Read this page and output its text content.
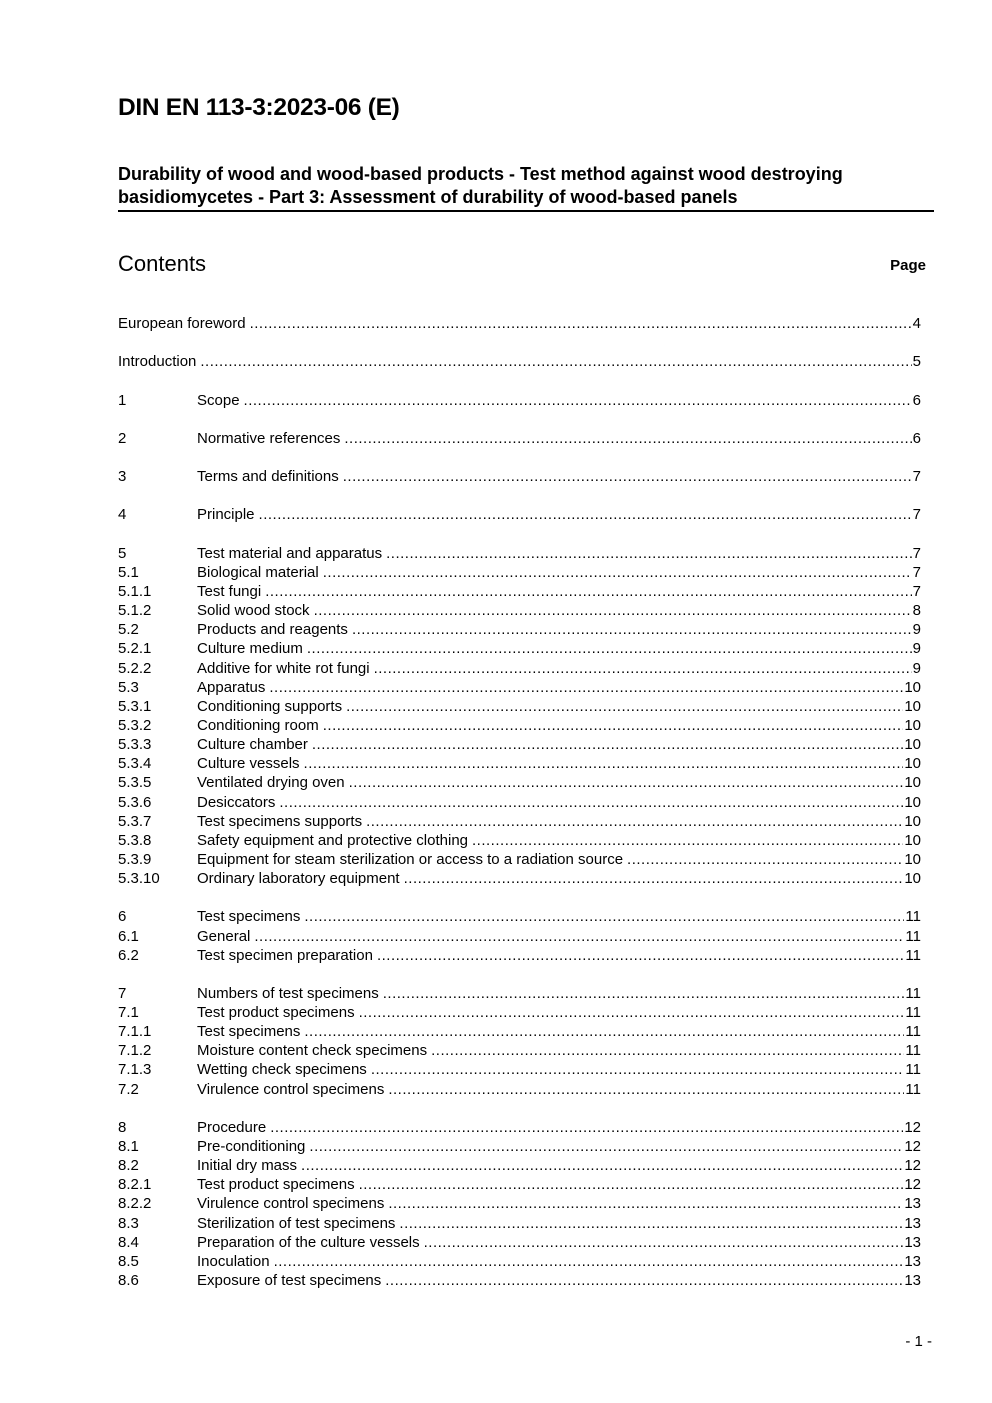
DIN EN 113-3:2023-06 (E)
Durability of wood and wood-based products - Test method against wood destroying
basidiomycetes - Part 3: Assessment of durability of wood-based panels
Contents	Page
European foreword .....	4
Introduction .....	5
1	Scope .....	6
2	Normative references .....	6
3	Terms and definitions .....	7
4	Principle .....	7
5	Test material and apparatus .....	7
5.1	Biological material .....	7
5.1.1	Test fungi .....	7
5.1.2	Solid wood stock .....	8
5.2	Products and reagents .....	9
5.2.1	Culture medium .....	9
5.2.2	Additive for white rot fungi .....	9
5.3	Apparatus .....	10
5.3.1	Conditioning supports .....	10
5.3.2	Conditioning room .....	10
5.3.3	Culture chamber .....	10
5.3.4	Culture vessels .....	10
5.3.5	Ventilated drying oven .....	10
5.3.6	Desiccators .....	10
5.3.7	Test specimens supports .....	10
5.3.8	Safety equipment and protective clothing .....	10
5.3.9	Equipment for steam sterilization or access to a radiation source .....	10
5.3.10	Ordinary laboratory equipment .....	10
6	Test specimens .....	11
6.1	General .....	11
6.2	Test specimen preparation .....	11
7	Numbers of test specimens .....	11
7.1	Test product specimens .....	11
7.1.1	Test specimens .....	11
7.1.2	Moisture content check specimens .....	11
7.1.3	Wetting check specimens .....	11
7.2	Virulence control specimens .....	11
8	Procedure .....	12
8.1	Pre-conditioning .....	12
8.2	Initial dry mass .....	12
8.2.1	Test product specimens .....	12
8.2.2	Virulence control specimens .....	13
8.3	Sterilization of test specimens .....	13
8.4	Preparation of the culture vessels .....	13
8.5	Inoculation .....	13
8.6	Exposure of test specimens .....	13
- 1 -
